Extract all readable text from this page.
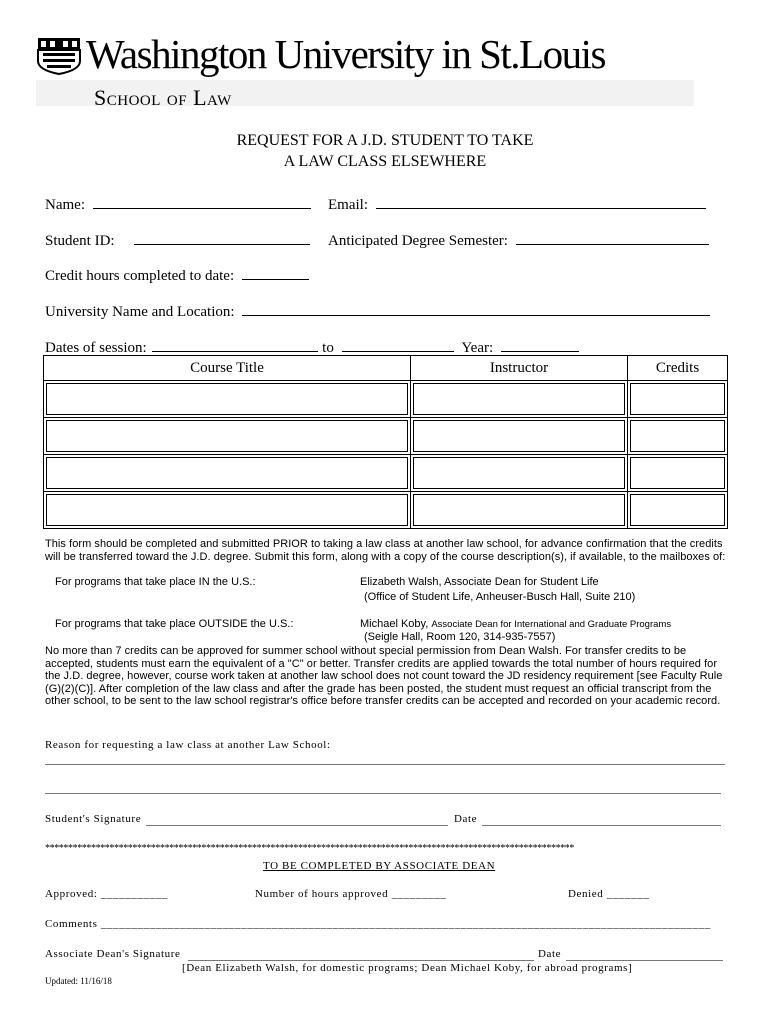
Washington University in St.Louis
School of Law
REQUEST FOR A J.D. STUDENT TO TAKE
A LAW CLASS ELSEWHERE
Name:	Email:
Student ID:	Anticipated Degree Semester:
Credit hours completed to date:
University Name and Location:
Dates of session:	to	Year:
Course Title	Instructor	Credits

This form should be completed and submitted PRIOR to taking a law class at another law school, for advance confirmation that the credits will be transferred toward the J.D. degree. Submit this form, along with a copy of the course description(s), if available, to the mailboxes of:
For programs that take place IN the U.S.:	Elizabeth Walsh, Associate Dean for Student Life
(Office of Student Life, Anheuser-Busch Hall, Suite 210)
For programs that take place OUTSIDE the U.S.:	Michael Koby, Associate Dean for International and Graduate Programs
(Seigle Hall, Room 120, 314-935-7557)
No more than 7 credits can be approved for summer school without special permission from Dean Walsh. For transfer credits to be accepted, students must earn the equivalent of a "C" or better. Transfer credits are applied towards the total number of hours required for the J.D. degree, however, course work taken at another law school does not count toward the JD residency requirement [see Faculty Rule (G)(2)(C)]. After completion of the law class and after the grade has been posted, the student must request an official transcript from the other school, to be sent to the law school registrar's office before transfer credits can be accepted and recorded on your academic record.
Reason for requesting a law class at another Law School:
Student's Signature	Date
*******************************************************************************************************************
TO BE COMPLETED BY ASSOCIATE DEAN
Approved: ___________	Number of hours approved _________	Denied _______
Comments ____________________________________________________________________________________________________
Associate Dean's Signature	Date
[Dean Elizabeth Walsh, for domestic programs; Dean Michael Koby, for abroad programs]
Updated: 11/16/18
